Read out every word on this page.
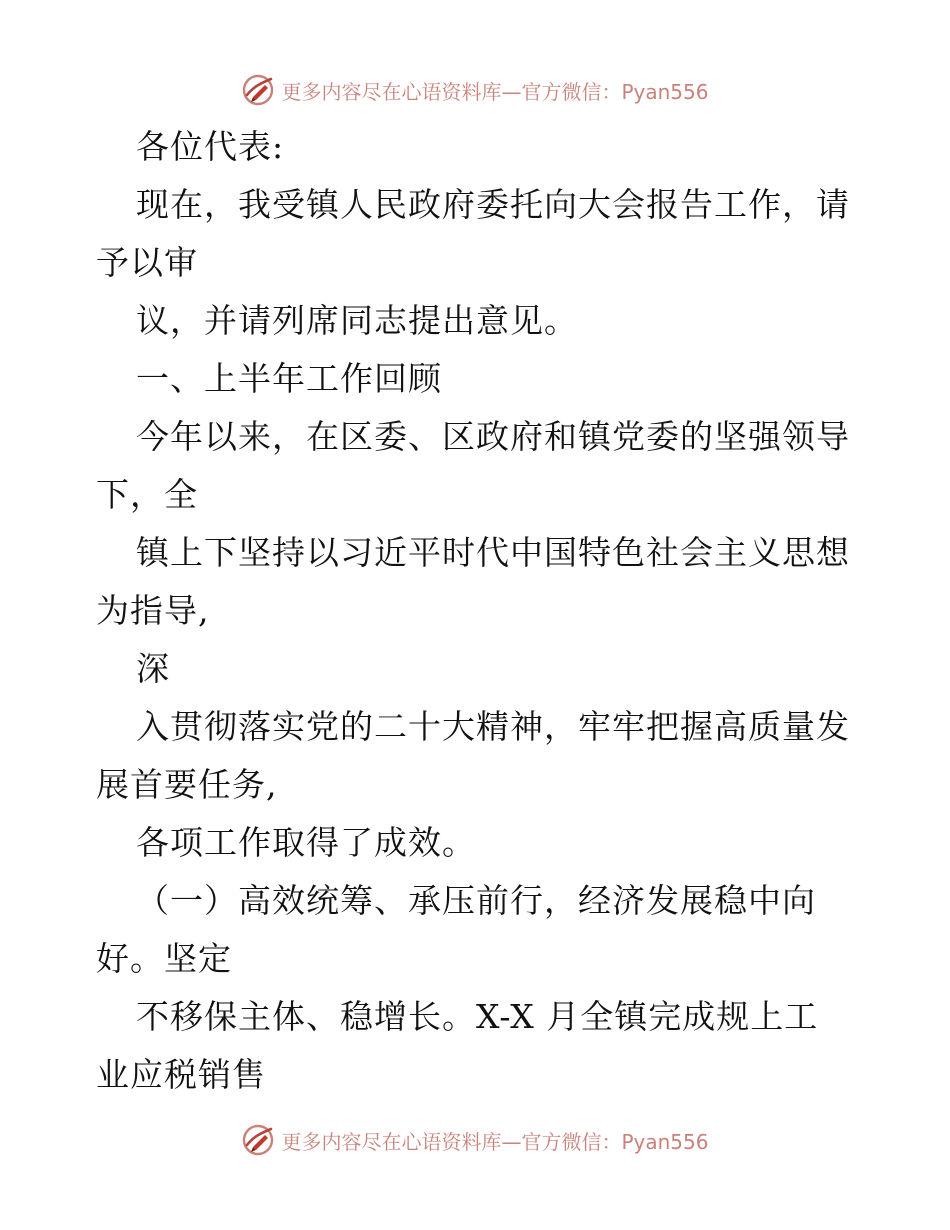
更多内容尽在心语资料库—官方微信：Pyan556
各位代表:
现在，我受镇人民政府委托向大会报告工作，请
予以审
议，并请列席同志提出意见。
一、上半年工作回顾
今年以来，在区委、区政府和镇党委的坚强领导
下，全
镇上下坚持以习近平时代中国特色社会主义思想
为指导,
深
入贯彻落实党的二十大精神，牢牢把握高质量发
展首要任务,
各项工作取得了成效。
（一）高效统筹、承压前行，经济发展稳中向
好。坚定
不移保主体、稳增长。X-X 月全镇完成规上工
业应税销售
更多内容尽在心语资料库—官方微信：Pyan556
